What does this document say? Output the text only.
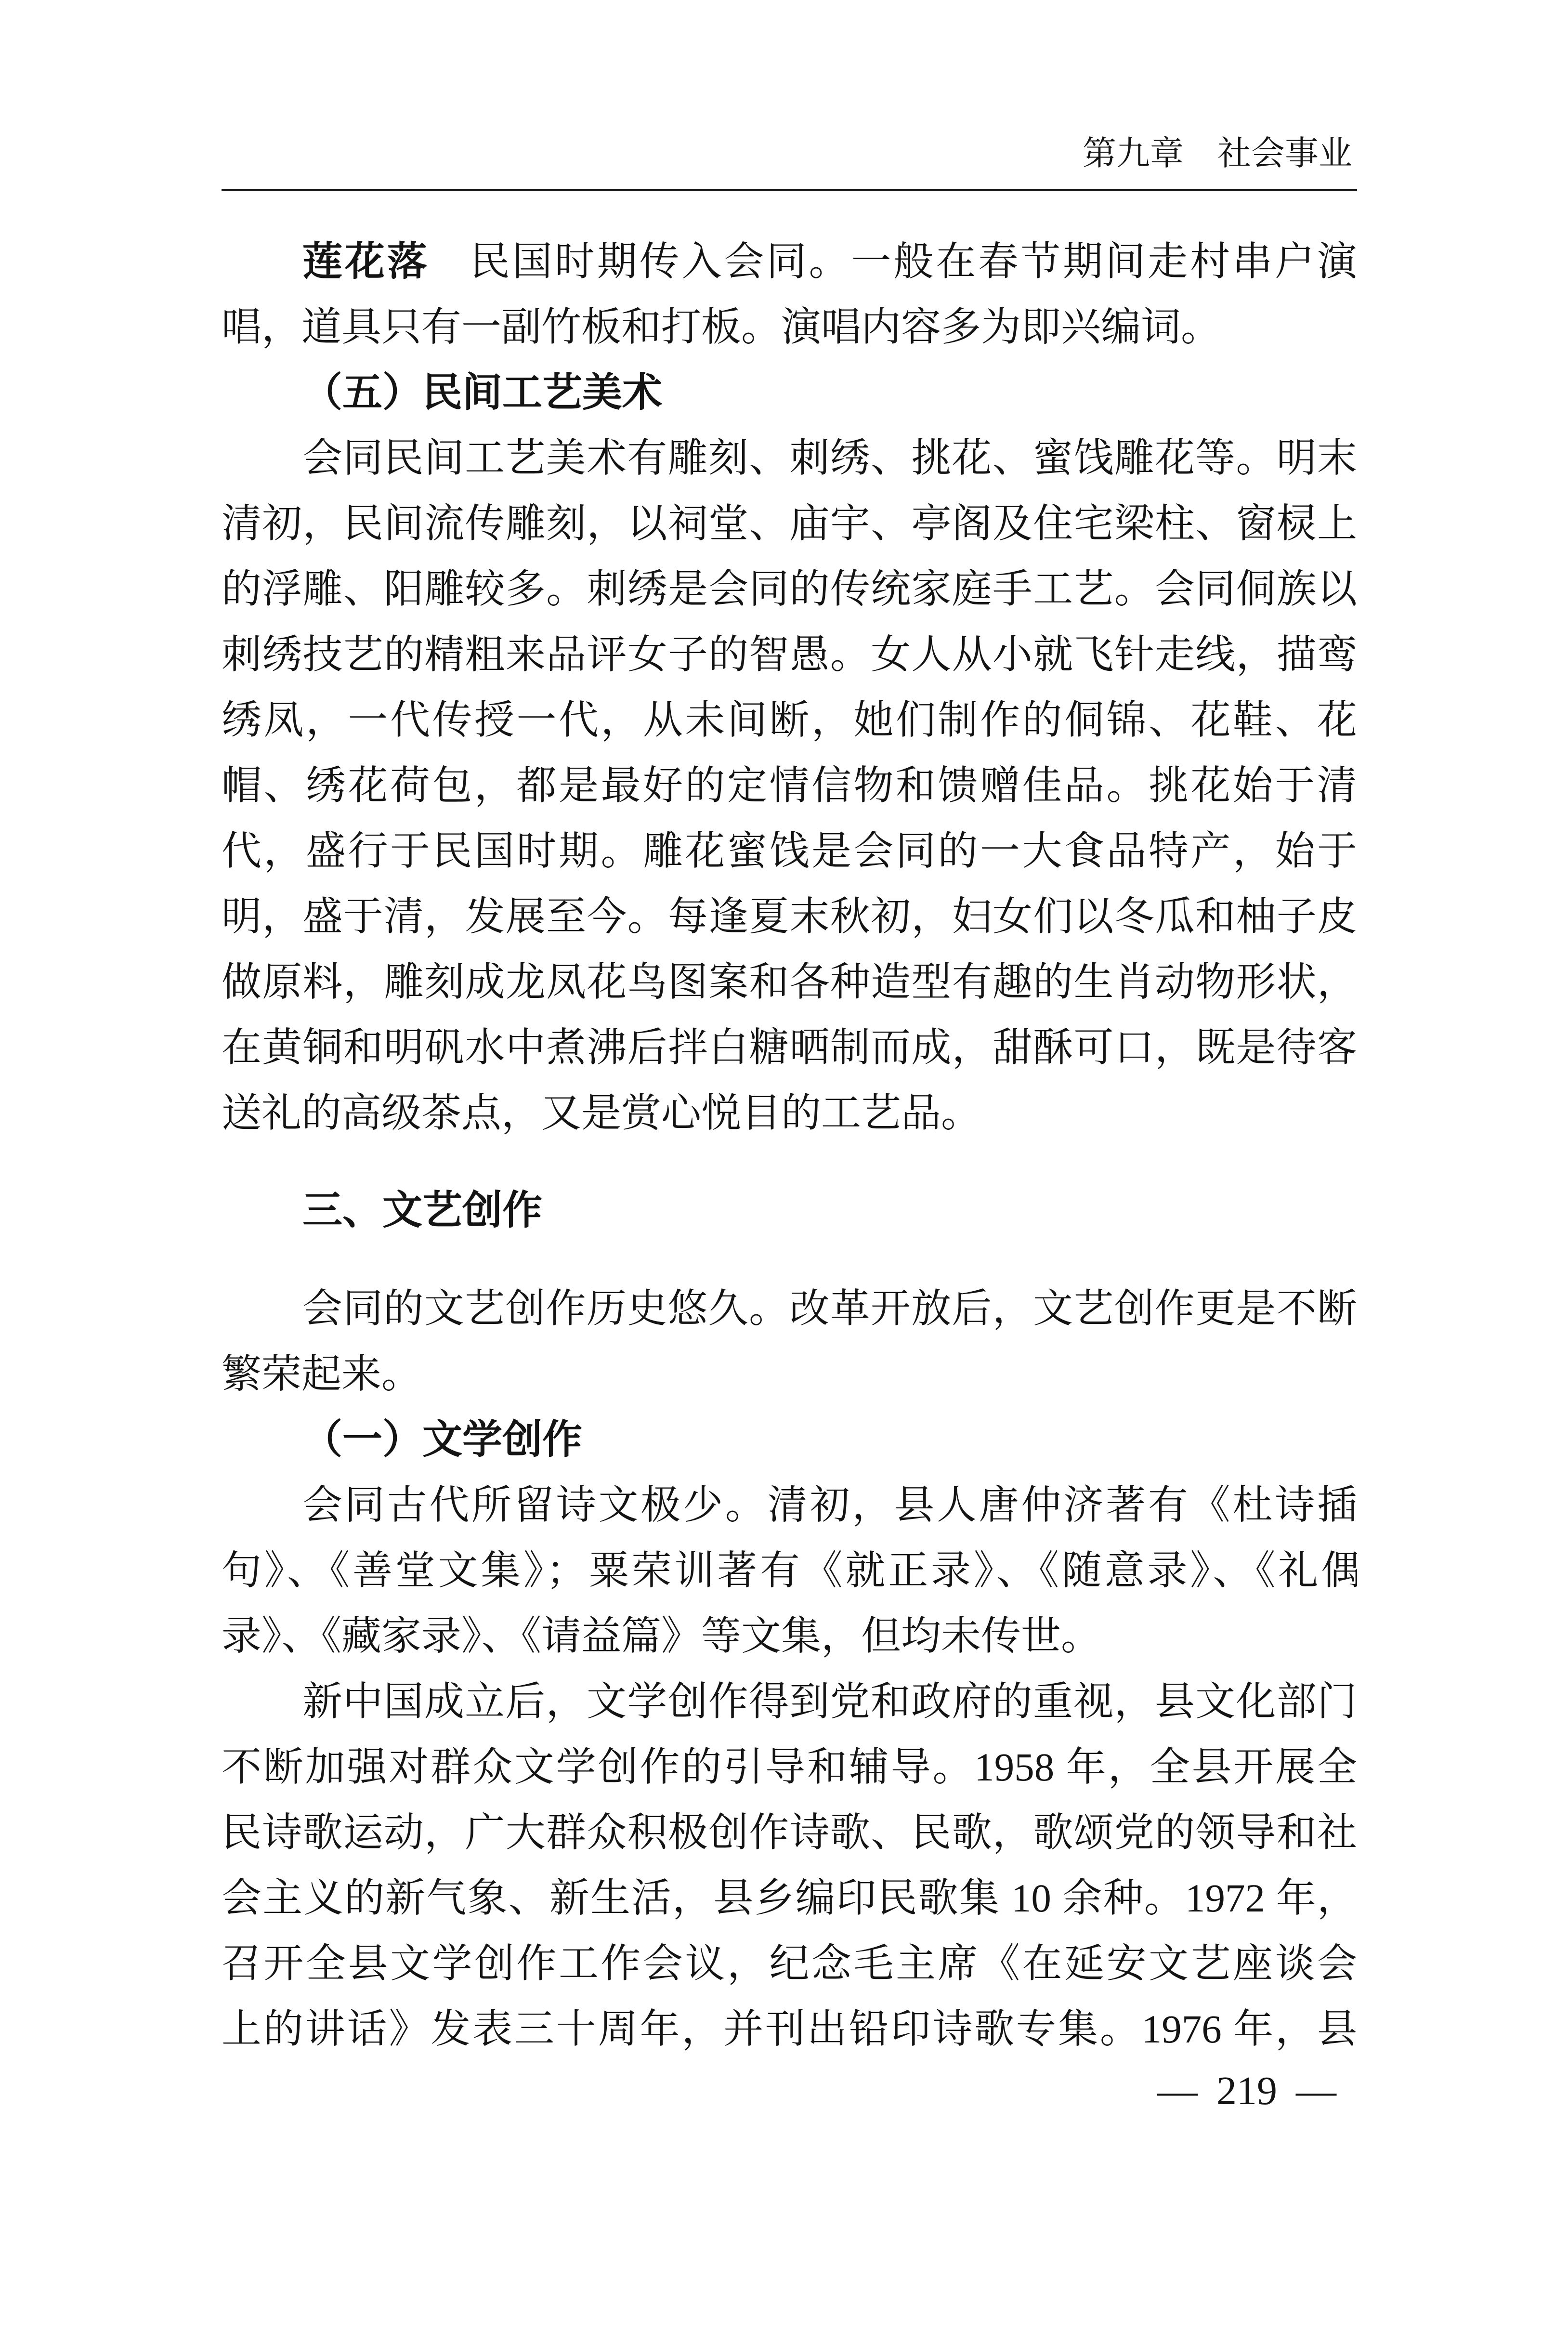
第九章 社会事业
莲花落 民国时期传入会同。一般在春节期间走村串户演
唱，道具只有一副竹板和打板。演唱内容多为即兴编词。
（五）民间工艺美术
会同民间工艺美术有雕刻、刺绣、挑花、蜜饯雕花等。明末
清初，民间流传雕刻，以祠堂、庙宇、亭阁及住宅梁柱、窗棂上
的浮雕、阳雕较多。刺绣是会同的传统家庭手工艺。会同侗族以
刺绣技艺的精粗来品评女子的智愚。女人从小就飞针走线，描鸾
绣凤，一代传授一代，从未间断，她们制作的侗锦、花鞋、花
帽、绣花荷包，都是最好的定情信物和馈赠佳品。挑花始于清
代，盛行于民国时期。雕花蜜饯是会同的一大食品特产，始于
明，盛于清，发展至今。每逢夏末秋初，妇女们以冬瓜和柚子皮
做原料，雕刻成龙凤花鸟图案和各种造型有趣的生肖动物形状，
在黄铜和明矾水中煮沸后拌白糖晒制而成，甜酥可口，既是待客
送礼的高级茶点，又是赏心悦目的工艺品。
三、文艺创作
会同的文艺创作历史悠久。改革开放后，文艺创作更是不断
繁荣起来。
（一）文学创作
会同古代所留诗文极少。清初，县人唐仲济著有《杜诗插
句》、《善堂文集》；粟荣训著有《就正录》、《随意录》、《礼偶
录》、《藏家录》、《请益篇》等文集，但均未传世。
新中国成立后，文学创作得到党和政府的重视，县文化部门
不断加强对群众文学创作的引导和辅导。1958 年，全县开展全
民诗歌运动，广大群众积极创作诗歌、民歌，歌颂党的领导和社
会主义的新气象、新生活，县乡编印民歌集 10 余种。1972 年，
召开全县文学创作工作会议，纪念毛主席《在延安文艺座谈会
上的讲话》发表三十周年，并刊出铅印诗歌专集。1976 年，县
— 219 —
